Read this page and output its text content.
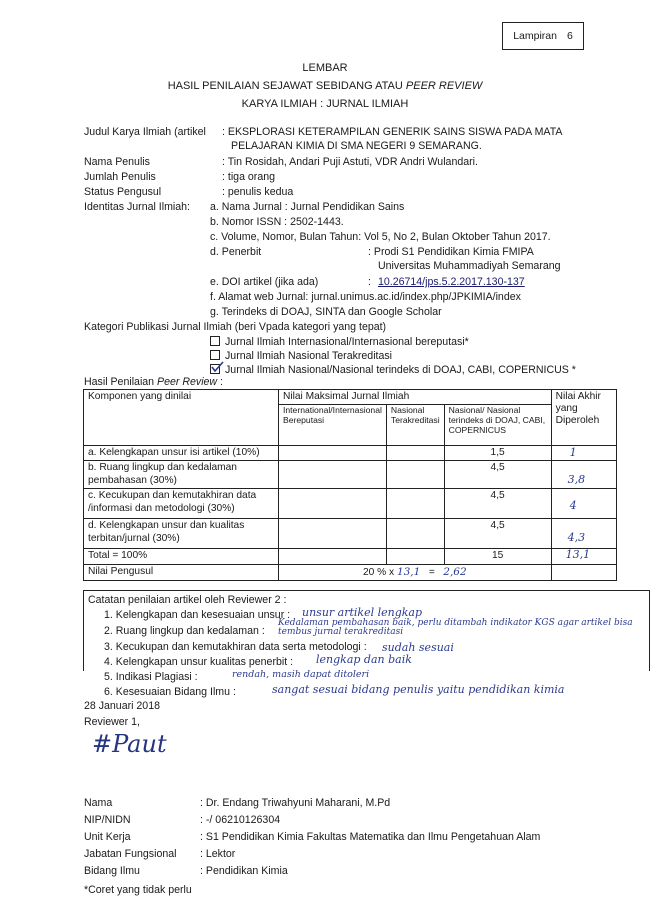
Lampiran 6
LEMBAR
HASIL PENILAIAN SEJAWAT SEBIDANG ATAU PEER REVIEW
KARYA ILMIAH : JURNAL ILMIAH
Judul Karya Ilmiah (artikel : EKSPLORASI KETERAMPILAN GENERIK SAINS SISWA PADA MATA
PELAJARAN KIMIA DI SMA NEGERI 9 SEMARANG.
Nama Penulis	: Tin Rosidah, Andari Puji Astuti, VDR Andri Wulandari.
Jumlah Penulis	: tiga orang
Status Pengusul	: penulis kedua
Identitas Jurnal Ilmiah: a. Nama Jurnal : Jurnal Pendidikan Sains
b. Nomor ISSN : 2502-1443.
c. Volume, Nomor, Bulan Tahun: Vol 5, No 2, Bulan Oktober Tahun 2017.
d. Penerbit	: Prodi S1 Pendidikan Kimia FMIPA
Universitas Muhammadiyah Semarang
e. DOI artikel (jika ada)	: 10.26714/jps.5.2.2017.130-137
f. Alamat web Jurnal: jurnal.unimus.ac.id/index.php/JPKIMIA/index
g. Terindeks di DOAJ, SINTA dan Google Scholar
Kategori Publikasi Jurnal Ilmiah (beri Vpada kategori yang tepat)
Jurnal Ilmiah Internasional/Internasional bereputasi*
Jurnal Ilmiah Nasional Terakreditasi
Jurnal Ilmiah Nasional/Nasional terindeks di DOAJ, CABI, COPERNICUS *
Hasil Penilaian Peer Review :
Komponen yang dinilai	Nilai Maksimal Jurnal Ilmiah			Nilai Akhir yang Diperoleh
	International/Internasional Bereputasi	Nasional Terakreditasi	Nasional/ Nasional terindeks di DOAJ, CABI, COPERNICUS	
a. Kelengkapan unsur isi artikel (10%)			1,5	1

b. Ruang lingkup dan kedalaman pembahasan (30%)			4,5	3,8

c. Kecukupan dan kemutakhiran data /informasi dan metodologi (30%)			4,5	4

d. Kelengkapan unsur dan kualitas terbitan/jurnal (30%)			4,5	4,3

Total = 100%			15	13,1

Nilai Pengusul	20 % x 13,1 = 2,62			
Catatan penilaian artikel oleh Reviewer 2 :
1. Kelengkapan dan kesesuaian unsur : unsur artikel lengkap
2. Ruang lingkup dan kedalaman :
Kedalaman pembahasan baik, perlu ditambah indikator KGS agar artikel bisa tembus jurnal terakreditasi
3. Kecukupan dan kemutakhiran data serta metodologi : sudah sesuai
4. Kelengkapan unsur kualitas penerbit : lengkap dan baik
5. Indikasi Plagiasi :	rendah, masih dapat ditoleri
6. Kesesuaian Bidang Ilmu :	sangat sesuai bidang penulis yaitu pendidikan kimia
28 Januari 2018
Reviewer 1,
#Paut
Nama	: Dr. Endang Triwahyuni Maharani, M.Pd
NIP/NIDN	: -/ 06210126304
Unit Kerja	: S1 Pendidikan Kimia Fakultas Matematika dan Ilmu Pengetahuan Alam
Jabatan Fungsional : Lektor
Bidang Ilmu	: Pendidikan Kimia
*Coret yang tidak perlu
